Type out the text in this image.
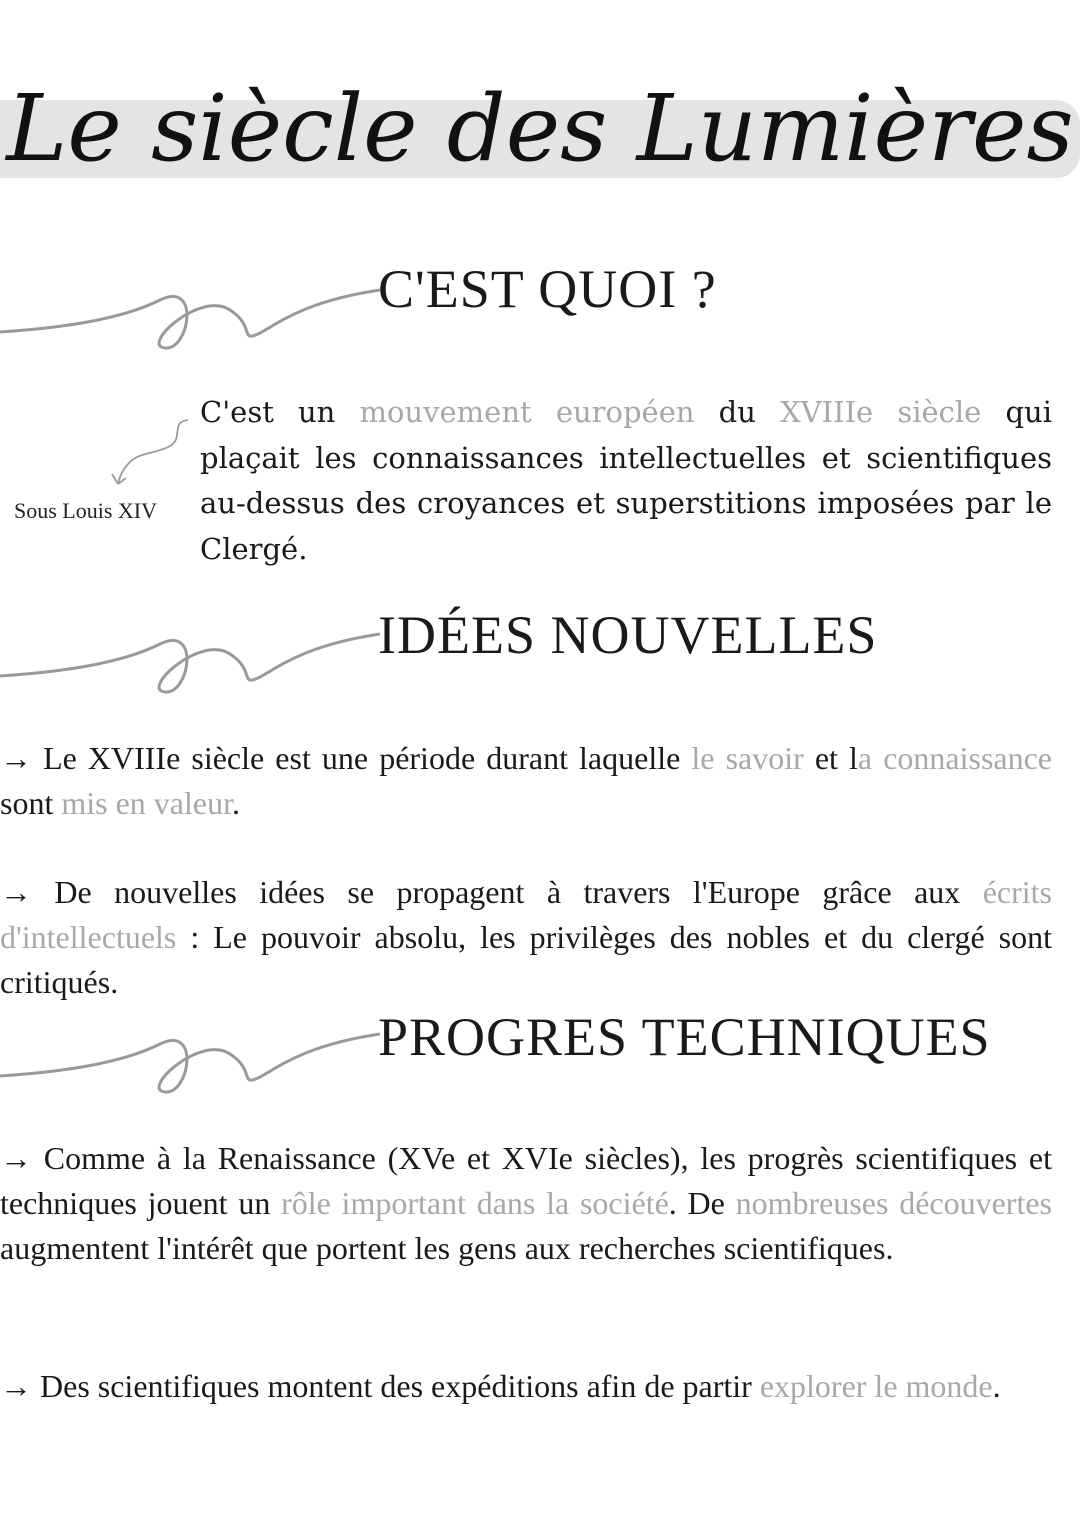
Le siècle des Lumières
C'EST QUOI ?
Sous Louis XIV
C'est un mouvement européen du XVIIIe siècle qui plaçait les connaissances intellectuelles et scientifiques au-dessus des croyances et superstitions imposées par le Clergé.
IDÉES NOUVELLES
→ Le XVIIIe siècle est une période durant laquelle le savoir et la connaissance sont mis en valeur.
→ De nouvelles idées se propagent à travers l'Europe grâce aux écrits d'intellectuels : Le pouvoir absolu, les privilèges des nobles et du clergé sont critiqués.
PROGRES TECHNIQUES
→ Comme à la Renaissance (XVe et XVIe siècles), les progrès scientifiques et techniques jouent un rôle important dans la société. De nombreuses découvertes augmentent l'intérêt que portent les gens aux recherches scientifiques.
→ Des scientifiques montent des expéditions afin de partir explorer le monde.
